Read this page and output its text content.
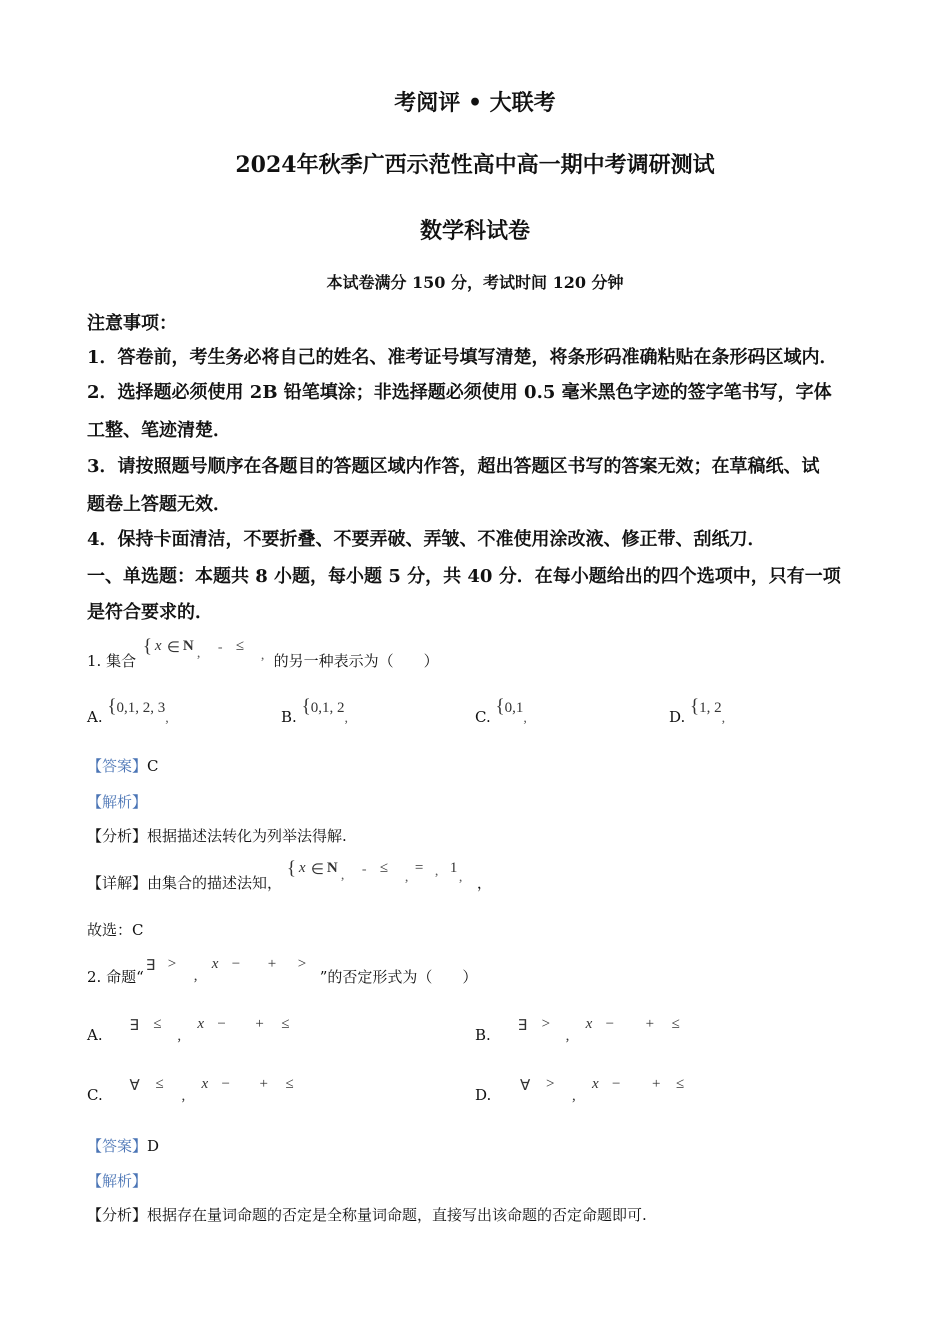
考阅评 • 大联考
2024年秋季广西示范性高中高一期中考调研测试
数学科试卷
本试卷满分 150 分，考试时间 120 分钟
注意事项：
1．答卷前，考生务必将自己的姓名、准考证号填写清楚，将条形码准确粘贴在条形码区域内．
2．选择题必须使用 2B 铅笔填涂；非选择题必须使用 0.5 毫米黑色字迹的签字笔书写，字体
工整、笔迹清楚．
3．请按照题号顺序在各题目的答题区域内作答，超出答题区书写的答案无效；在草稿纸、试
题卷上答题无效．
4．保持卡面清洁，不要折叠、不要弄破、弄皱、不准使用涂改液、修正带、刮纸刀．
一、单选题：本题共 8 小题，每小题 5 分，共 40 分．在每小题给出的四个选项中，只有一项
是符合要求的．
1. 集合
{ x ∈ N , - ≤
, 的另一种表示为（　　）
A. {0,1, 2, 3,	B. {0,1, 2,	C. {0,1,	D. {1, 2,
【答案】C
【解析】
【分析】根据描述法转化为列举法得解.
【详解】由集合的描述法知，
{ x ∈ N , - ≤
,
= , 1
, ，
故选：C
2. 命题“
∃ >
,
x − + >
”的否定形式为（　　）
A. ∃ ≤
,
x − + ≤
B. ∃ >
,
x − + ≤
C. ∀ ≤
,
x − + ≤
D. ∀ >
,
x − + ≤
【答案】D
【解析】
【分析】根据存在量词命题的否定是全称量词命题，直接写出该命题的否定命题即可.
